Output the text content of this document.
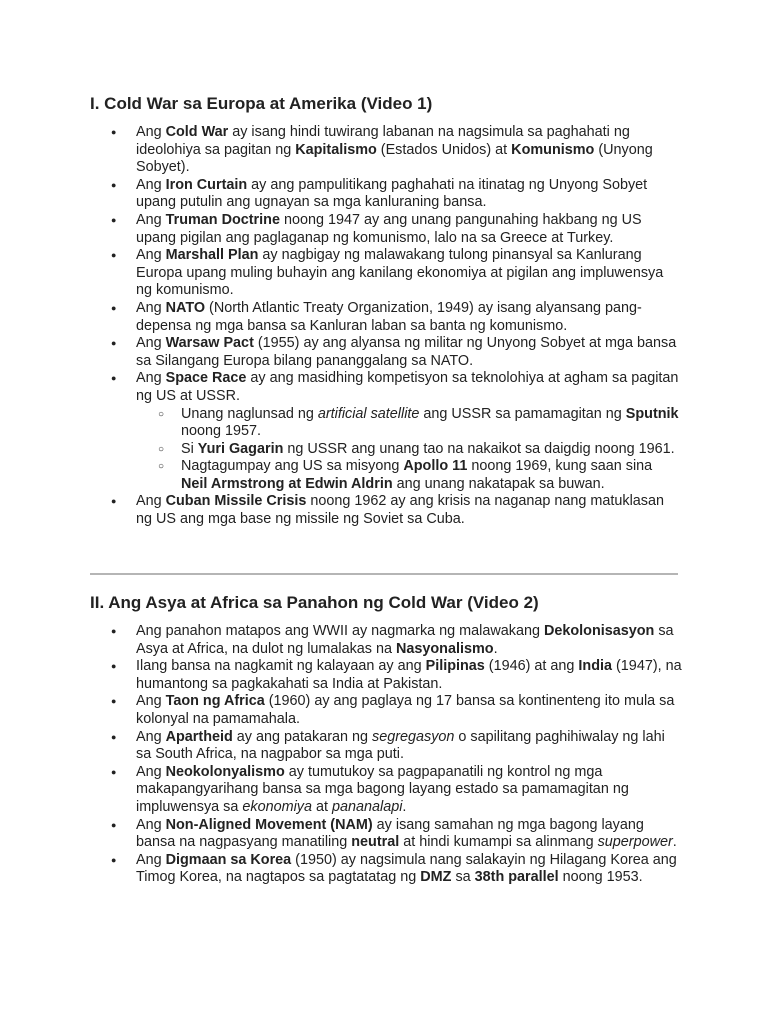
I. Cold War sa Europa at Amerika (Video 1)
● Ang Cold War ay isang hindi tuwirang labanan na nagsimula sa paghahati ng ideolohiya sa pagitan ng Kapitalismo (Estados Unidos) at Komunismo (Unyong Sobyet).
● Ang Iron Curtain ay ang pampulitikang paghahati na itinatag ng Unyong Sobyet upang putulin ang ugnayan sa mga kanluraning bansa.
● Ang Truman Doctrine noong 1947 ay ang unang pangunahing hakbang ng US upang pigilan ang paglaganap ng komunismo, lalo na sa Greece at Turkey.
● Ang Marshall Plan ay nagbigay ng malawakang tulong pinansyal sa Kanlurang Europa upang muling buhayin ang kanilang ekonomiya at pigilan ang impluwensya ng komunismo.
● Ang NATO (North Atlantic Treaty Organization, 1949) ay isang alyansang pang-depensa ng mga bansa sa Kanluran laban sa banta ng komunismo.
● Ang Warsaw Pact (1955) ay ang alyansa ng militar ng Unyong Sobyet at mga bansa sa Silangang Europa bilang pananggalang sa NATO.
● Ang Space Race ay ang masidhing kompetisyon sa teknolohiya at agham sa pagitan ng US at USSR.
○ Unang naglunsad ng artificial satellite ang USSR sa pamamagitan ng Sputnik noong 1957.
○ Si Yuri Gagarin ng USSR ang unang tao na nakaikot sa daigdig noong 1961.
○ Nagtagumpay ang US sa misyong Apollo 11 noong 1969, kung saan sina Neil Armstrong at Edwin Aldrin ang unang nakatapak sa buwan.
● Ang Cuban Missile Crisis noong 1962 ay ang krisis na naganap nang matuklasan ng US ang mga base ng missile ng Soviet sa Cuba.
II. Ang Asya at Africa sa Panahon ng Cold War (Video 2)
● Ang panahon matapos ang WWII ay nagmarka ng malawakang Dekolonisasyon sa Asya at Africa, na dulot ng lumalakas na Nasyonalismo.
● Ilang bansa na nagkamit ng kalayaan ay ang Pilipinas (1946) at ang India (1947), na humantong sa pagkakahati sa India at Pakistan.
● Ang Taon ng Africa (1960) ay ang paglaya ng 17 bansa sa kontinenteng ito mula sa kolonyal na pamamahala.
● Ang Apartheid ay ang patakaran ng segregasyon o sapilitang paghihiwalay ng lahi sa South Africa, na nagpabor sa mga puti.
● Ang Neokolonyalismo ay tumutukoy sa pagpapanatili ng kontrol ng mga makapangyarihang bansa sa mga bagong layang estado sa pamamagitan ng impluwensya sa ekonomiya at pananalapi.
● Ang Non-Aligned Movement (NAM) ay isang samahan ng mga bagong layang bansa na nagpasyang manatiling neutral at hindi kumampi sa alinmang superpower.
● Ang Digmaan sa Korea (1950) ay nagsimula nang salakayin ng Hilagang Korea ang Timog Korea, na nagtapos sa pagtatatag ng DMZ sa 38th parallel noong 1953.
